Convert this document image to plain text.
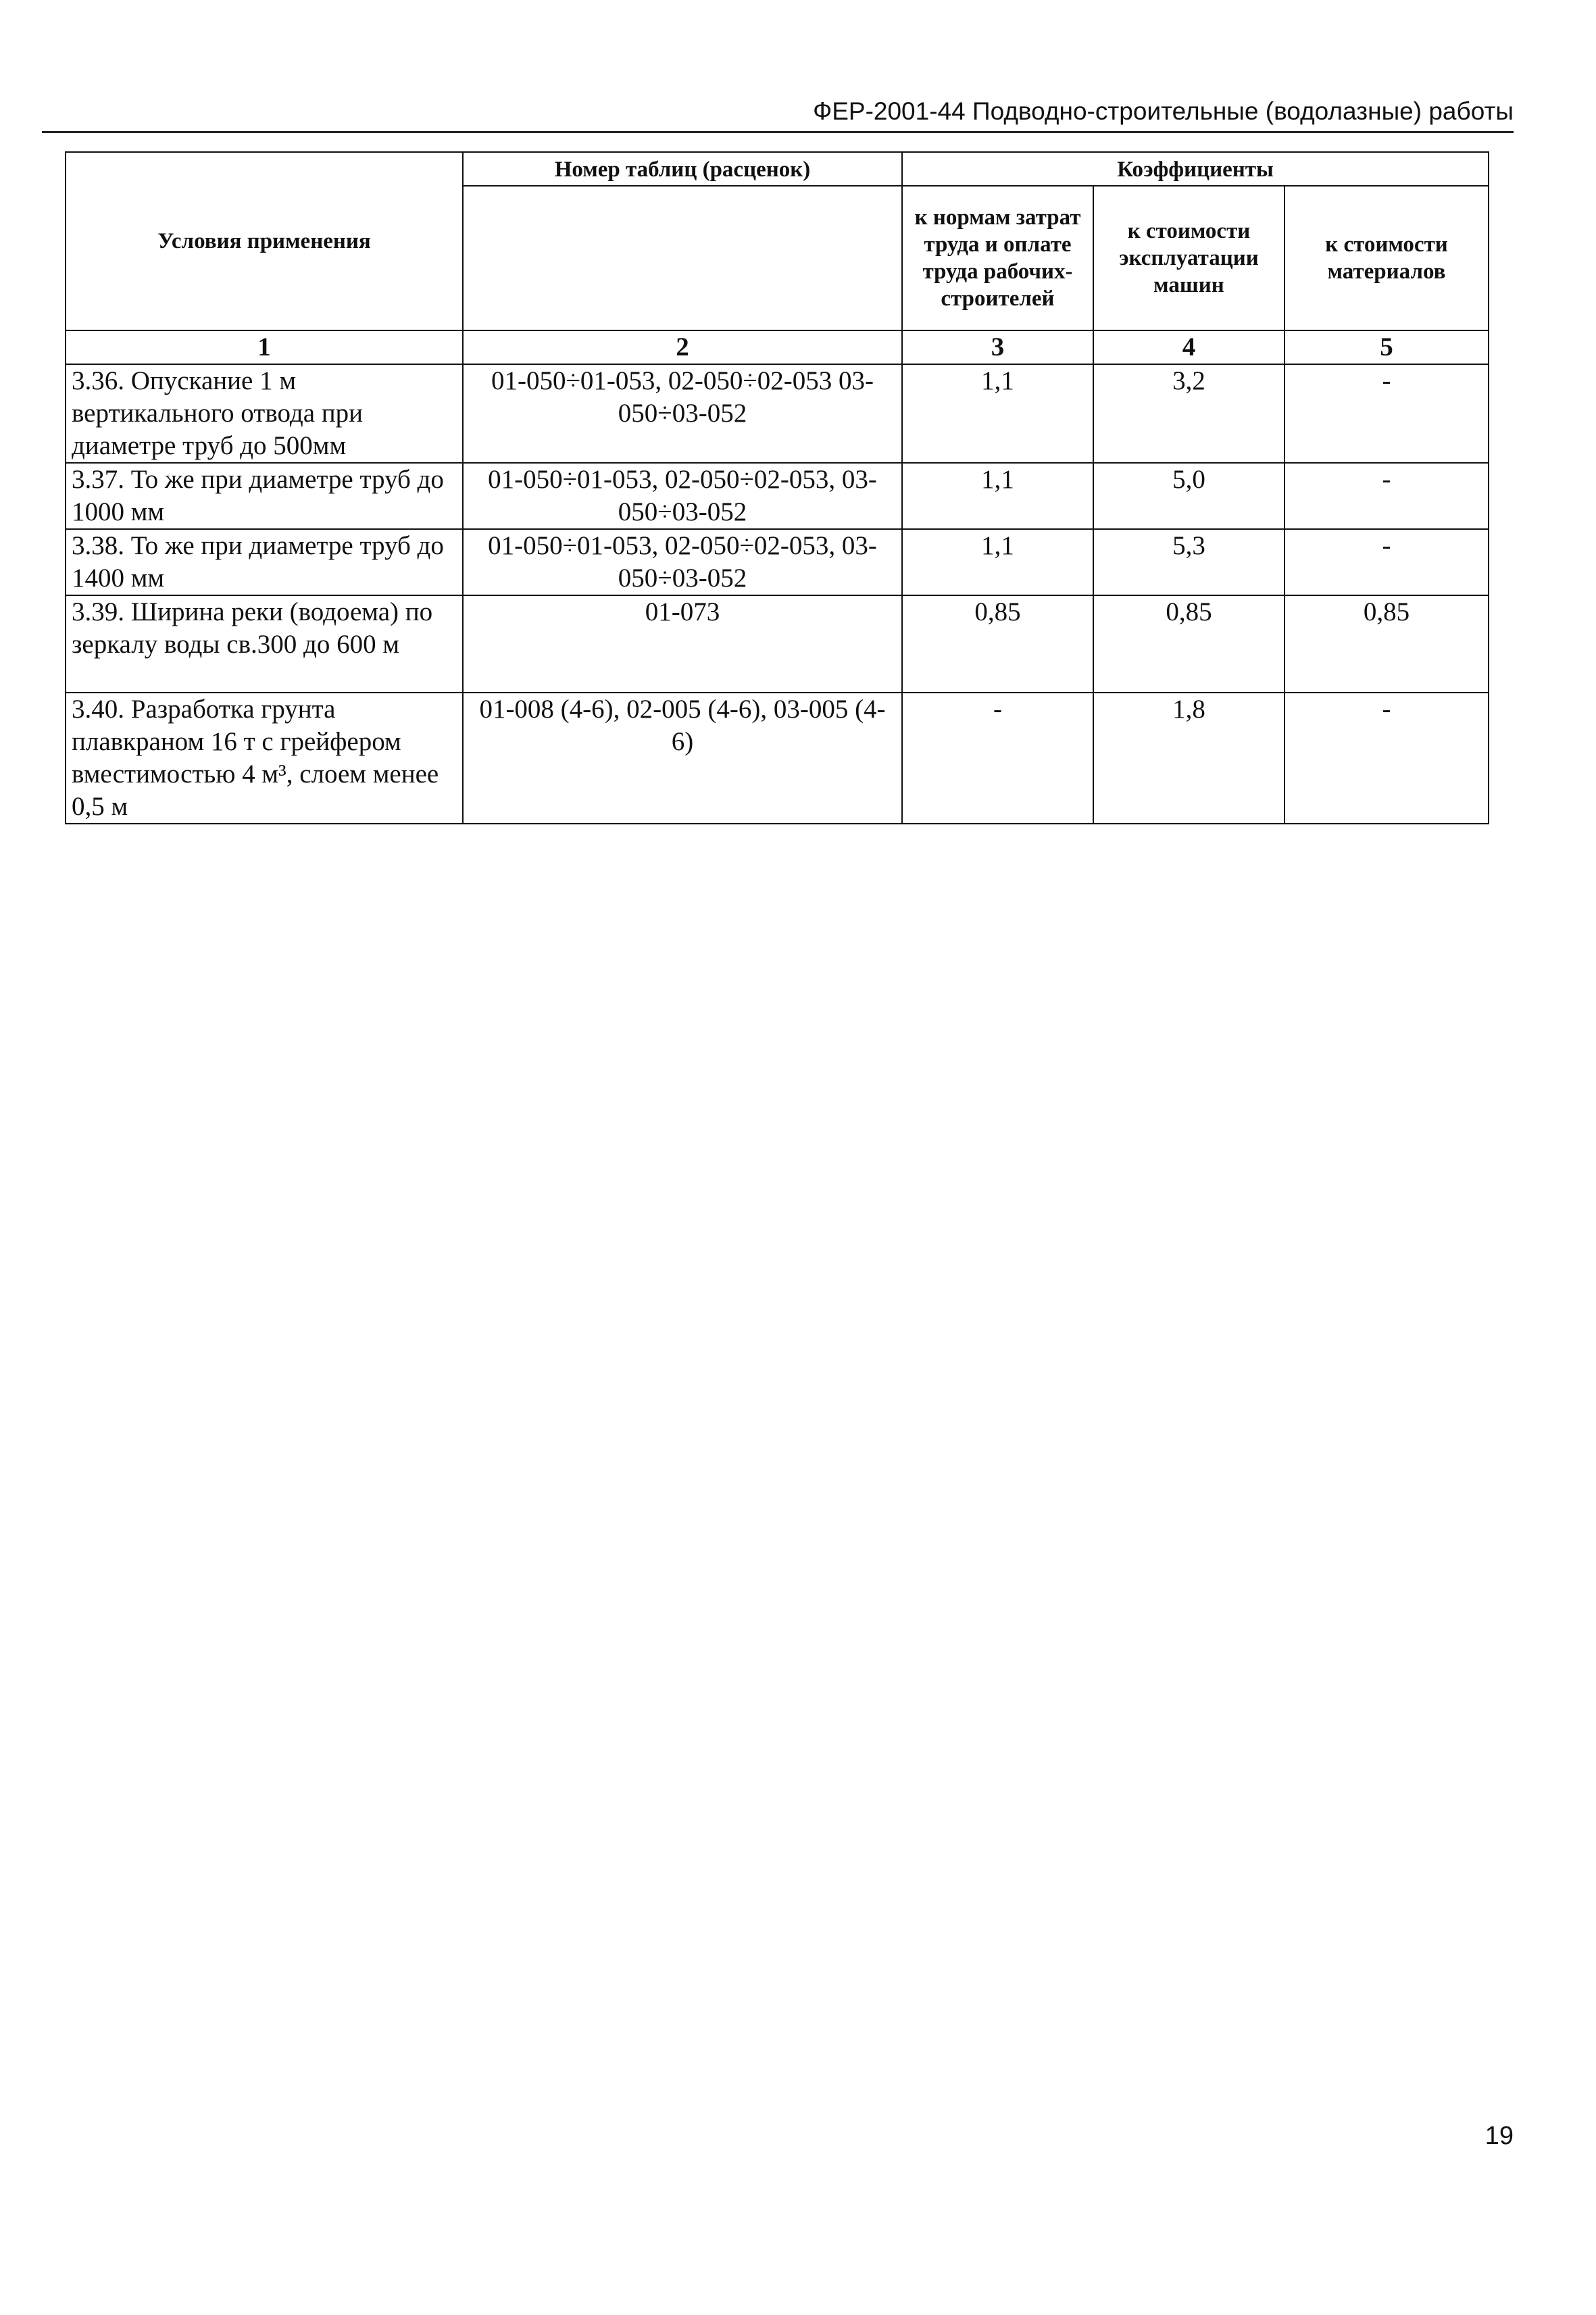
ФЕР-2001-44 Подводно-строительные (водолазные) работы
Условия применения	Номер таблиц (расценок)	Коэффициенты		
		к нормам затрат труда и оплате труда рабочих-строителей	к стоимости эксплуатации машин	к стоимости материалов
1	2	3	4	5
3.36. Опускание 1 м вертикального отвода при диаметре труб до 500мм	01-050÷01-053, 02-050÷02-053 03-050÷03-052	1,1	3,2	-
3.37. То же при диаметре труб до 1000 мм	01-050÷01-053, 02-050÷02-053, 03-050÷03-052	1,1	5,0	-
3.38. То же при диаметре труб до 1400 мм	01-050÷01-053, 02-050÷02-053, 03-050÷03-052	1,1	5,3	-
3.39. Ширина реки (водоема) по зеркалу воды св.300 до 600 м	01-073	0,85	0,85	0,85
3.40. Разработка грунта плавкраном 16 т с грейфером вместимостью 4 м³, слоем менее 0,5 м	01-008 (4-6), 02-005 (4-6), 03-005 (4-6)	-	1,8	-
19
